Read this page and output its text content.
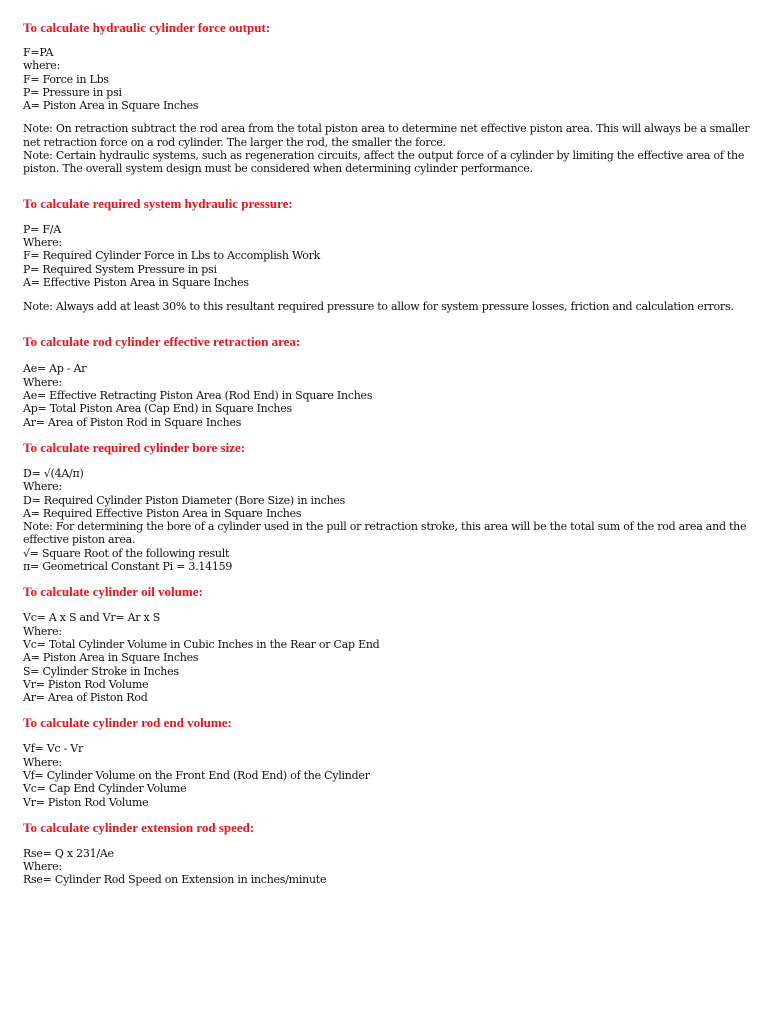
To calculate hydraulic cylinder force output:
F=PA
where:
F= Force in Lbs
P= Pressure in psi
A= Piston Area in Square Inches
Note: On retraction subtract the rod area from the total piston area to determine net effective piston area. This will always be a smaller net retraction force on a rod cylinder. The larger the rod, the smaller the force.
Note: Certain hydraulic systems, such as regeneration circuits, affect the output force of a cylinder by limiting the effective area of the piston. The overall system design must be considered when determining cylinder performance.
To calculate required system hydraulic pressure:
P= F/A
Where:
F= Required Cylinder Force in Lbs to Accomplish Work
P= Required System Pressure in psi
A= Effective Piston Area in Square Inches
Note: Always add at least 30% to this resultant required pressure to allow for system pressure losses, friction and calculation errors.
To calculate rod cylinder effective retraction area:
Ae= Ap - Ar
Where:
Ae= Effective Retracting Piston Area (Rod End) in Square Inches
Ap= Total Piston Area (Cap End) in Square Inches
Ar= Area of Piston Rod in Square Inches
To calculate required cylinder bore size:
D= √(4A/π)
Where:
D= Required Cylinder Piston Diameter (Bore Size) in inches
A= Required Effective Piston Area in Square Inches
Note: For determining the bore of a cylinder used in the pull or retraction stroke, this area will be the total sum of the rod area and the effective piston area.
√= Square Root of the following result
π= Geometrical Constant Pi = 3.14159
To calculate cylinder oil volume:
Vc= A x S and Vr= Ar x S
Where:
Vc= Total Cylinder Volume in Cubic Inches in the Rear or Cap End
A= Piston Area in Square Inches
S= Cylinder Stroke in Inches
Vr= Piston Rod Volume
Ar= Area of Piston Rod
To calculate cylinder rod end volume:
Vf= Vc - Vr
Where:
Vf= Cylinder Volume on the Front End (Rod End) of the Cylinder
Vc= Cap End Cylinder Volume
Vr= Piston Rod Volume
To calculate cylinder extension rod speed:
Rse= Q x 231/Ae
Where:
Rse= Cylinder Rod Speed on Extension in inches/minute
